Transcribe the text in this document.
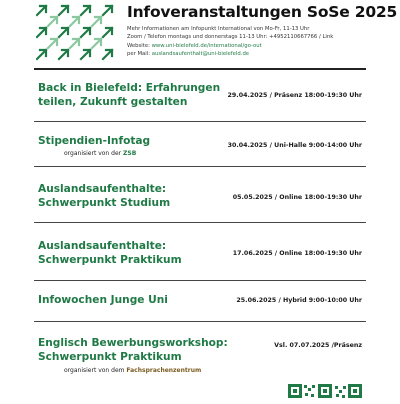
Infoveranstaltungen SoSe 2025
Mehr Informationen am Infopunkt International von Mo-Fr, 11-13 Uhr
Zoom / Telefon montags und donnerstags 11-13 Uhr: +4952110667766 / Link
Website: www.uni-bielefeld.de/international/go-out
per Mail: auslandsaufenthalt@uni-bielefeld.de
Back in Bielefeld: Erfahrungen
teilen, Zukunft gestalten	29.04.2025 / Präsenz 18:00-19:30 Uhr
Stipendien-Infotag
organisiert von der ZSB
30.04.2025 / Uni-Halle 9:00-14:00 Uhr
Auslandsaufenthalte:
Schwerpunkt Studium	05.05.2025 / Online 18:00-19:30 Uhr
Auslandsaufenthalte:
Schwerpunkt Praktikum	17.06.2025 / Online 18:00-19:30 Uhr
Infowochen Junge Uni	25.06.2025 / Hybrid 9:00-10:00 Uhr
Englisch Bewerbungsworkshop:
Schwerpunkt Praktikum
organisiert von dem Fachsprachenzentrum
Vsl. 07.07.2025 /Präsenz
